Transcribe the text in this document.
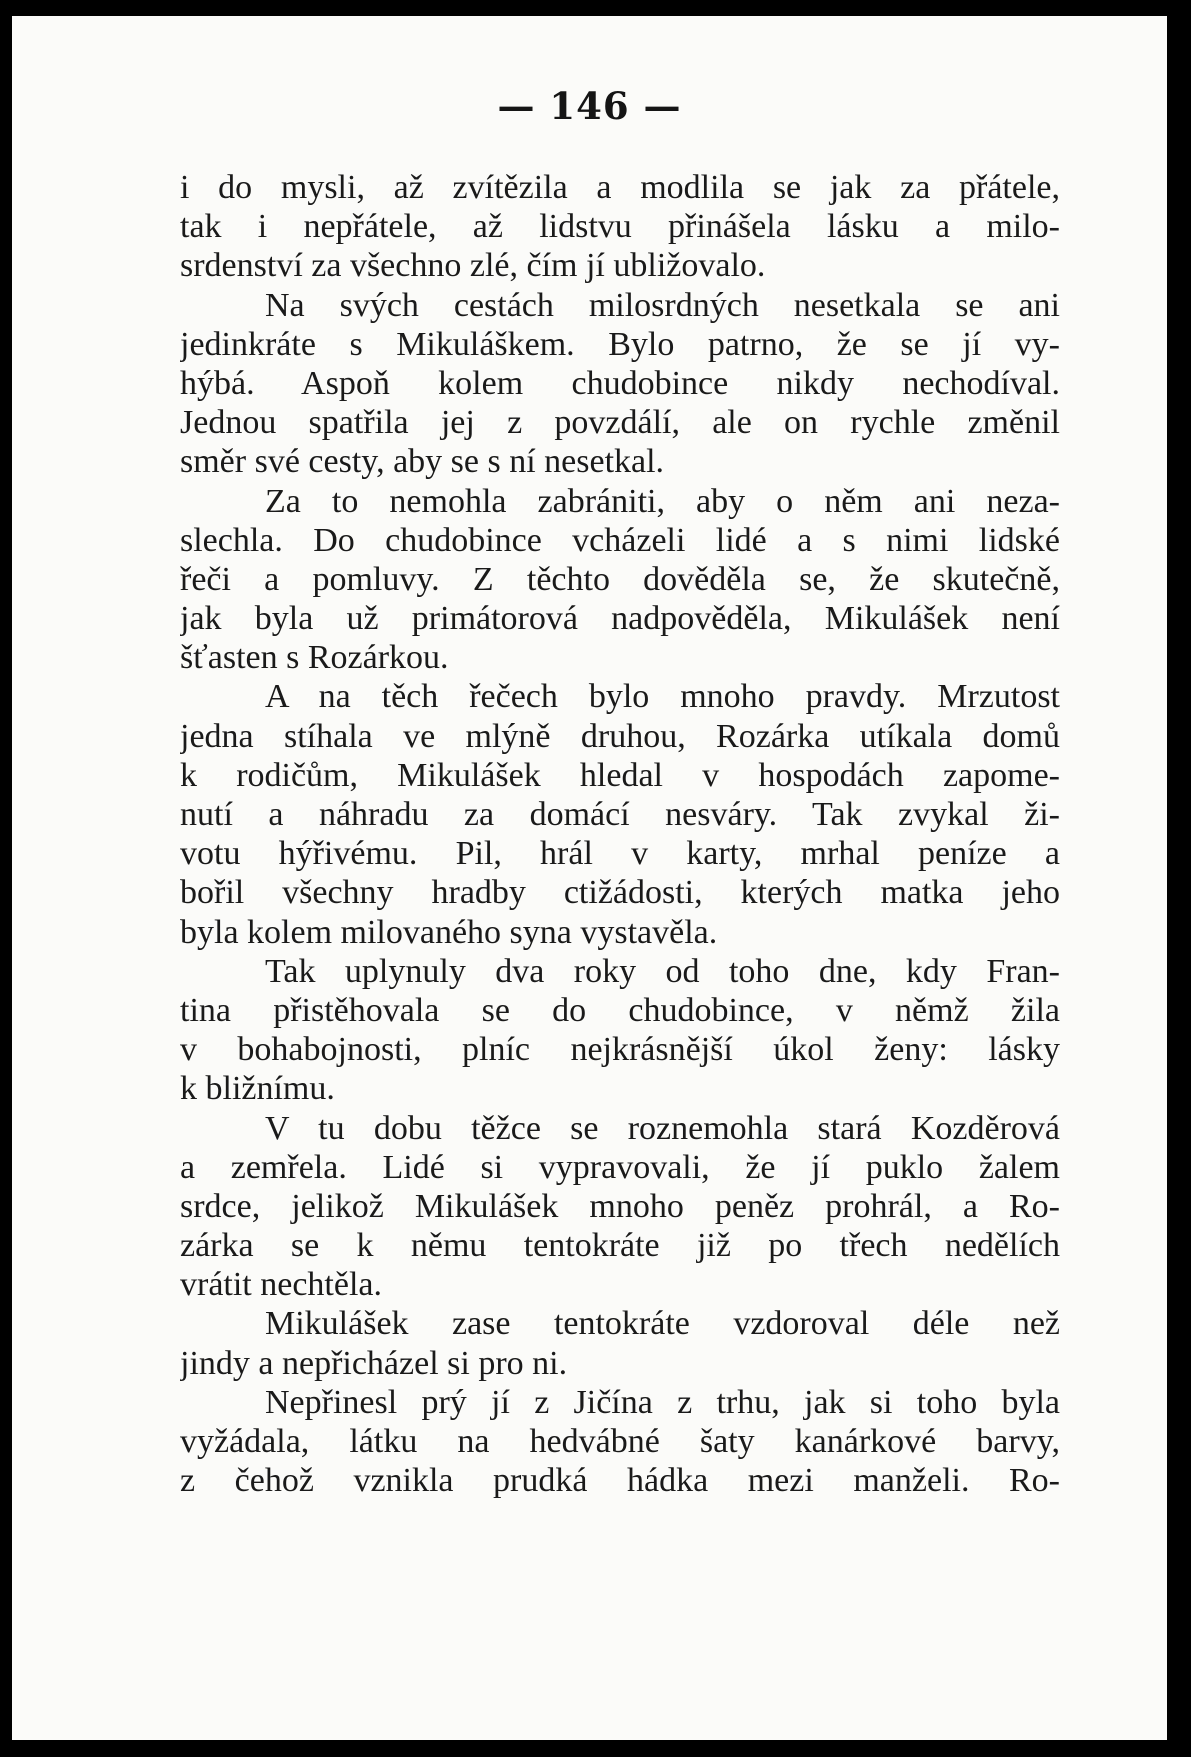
— 146 —
i do mysli, až zvítězila a modlila se jak za přátele,
tak i nepřátele, až lidstvu přinášela lásku a milo-
srdenství za všechno zlé, čím jí ubližovalo.
Na svých cestách milosrdných nesetkala se ani
jedinkráte s Mikuláškem. Bylo patrno, že se jí vy-
hýbá. Aspoň kolem chudobince nikdy nechodíval.
Jednou spatřila jej z povzdálí, ale on rychle změnil
směr své cesty, aby se s ní nesetkal.
Za to nemohla zabrániti, aby o něm ani neza-
slechla. Do chudobince vcházeli lidé a s nimi lidské
řeči a pomluvy. Z těchto dověděla se, že skutečně,
jak byla už primátorová nadpověděla, Mikulášek není
šťasten s Rozárkou.
A na těch řečech bylo mnoho pravdy. Mrzutost
jedna stíhala ve mlýně druhou, Rozárka utíkala domů
k rodičům, Mikulášek hledal v hospodách zapome-
nutí a náhradu za domácí nesváry. Tak zvykal ži-
votu hýřivému. Pil, hrál v karty, mrhal peníze a
bořil všechny hradby ctižádosti, kterých matka jeho
byla kolem milovaného syna vystavěla.
Tak uplynuly dva roky od toho dne, kdy Fran-
tina přistěhovala se do chudobince, v němž žila
v bohabojnosti, plníc nejkrásnější úkol ženy: lásky
k bližnímu.
V tu dobu těžce se roznemohla stará Kozděrová
a zemřela. Lidé si vypravovali, že jí puklo žalem
srdce, jelikož Mikulášek mnoho peněz prohrál, a Ro-
zárka se k němu tentokráte již po třech nedělích
vrátit nechtěla.
Mikulášek zase tentokráte vzdoroval déle než
jindy a nepřicházel si pro ni.
Nepřinesl prý jí z Jičína z trhu, jak si toho byla
vyžádala, látku na hedvábné šaty kanárkové barvy,
z čehož vznikla prudká hádka mezi manželi. Ro-
